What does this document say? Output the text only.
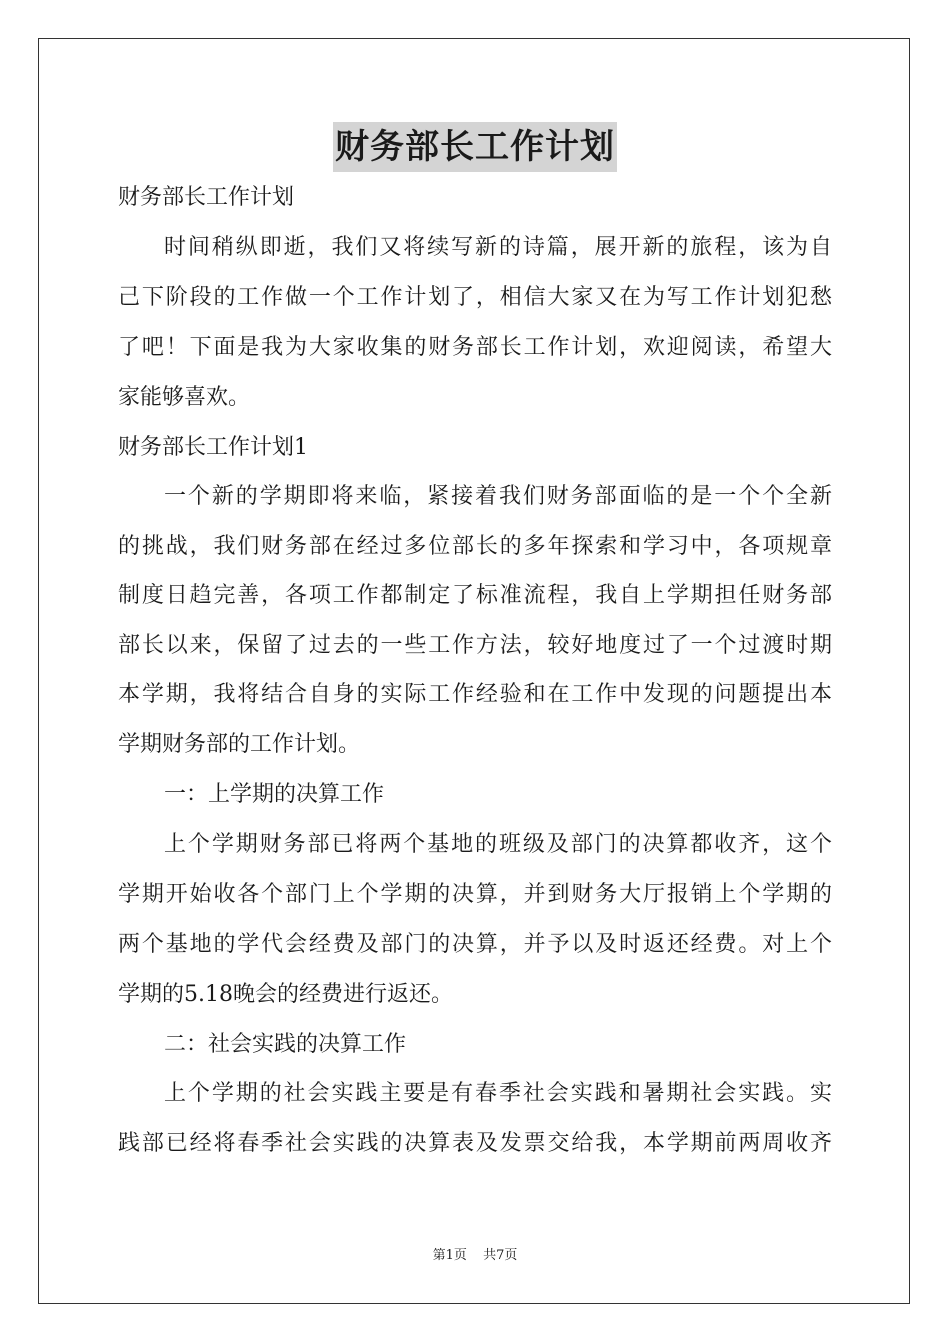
财务部长工作计划
财务部长工作计划
时间稍纵即逝，我们又将续写新的诗篇，展开新的旅程，该为自
己下阶段的工作做一个工作计划了，相信大家又在为写工作计划犯愁
了吧！下面是我为大家收集的财务部长工作计划，欢迎阅读，希望大
家能够喜欢。
财务部长工作计划1
一个新的学期即将来临，紧接着我们财务部面临的是一个个全新
的挑战，我们财务部在经过多位部长的多年探索和学习中，各项规章
制度日趋完善，各项工作都制定了标准流程，我自上学期担任财务部
部长以来，保留了过去的一些工作方法，较好地度过了一个过渡时期
本学期，我将结合自身的实际工作经验和在工作中发现的问题提出本
学期财务部的工作计划。
一：上学期的决算工作
上个学期财务部已将两个基地的班级及部门的决算都收齐，这个
学期开始收各个部门上个学期的决算，并到财务大厅报销上个学期的
两个基地的学代会经费及部门的决算，并予以及时返还经费。对上个
学期的5.18晚会的经费进行返还。
二：社会实践的决算工作
上个学期的社会实践主要是有春季社会实践和暑期社会实践。实
践部已经将春季社会实践的决算表及发票交给我，本学期前两周收齐
第1页 共7页
